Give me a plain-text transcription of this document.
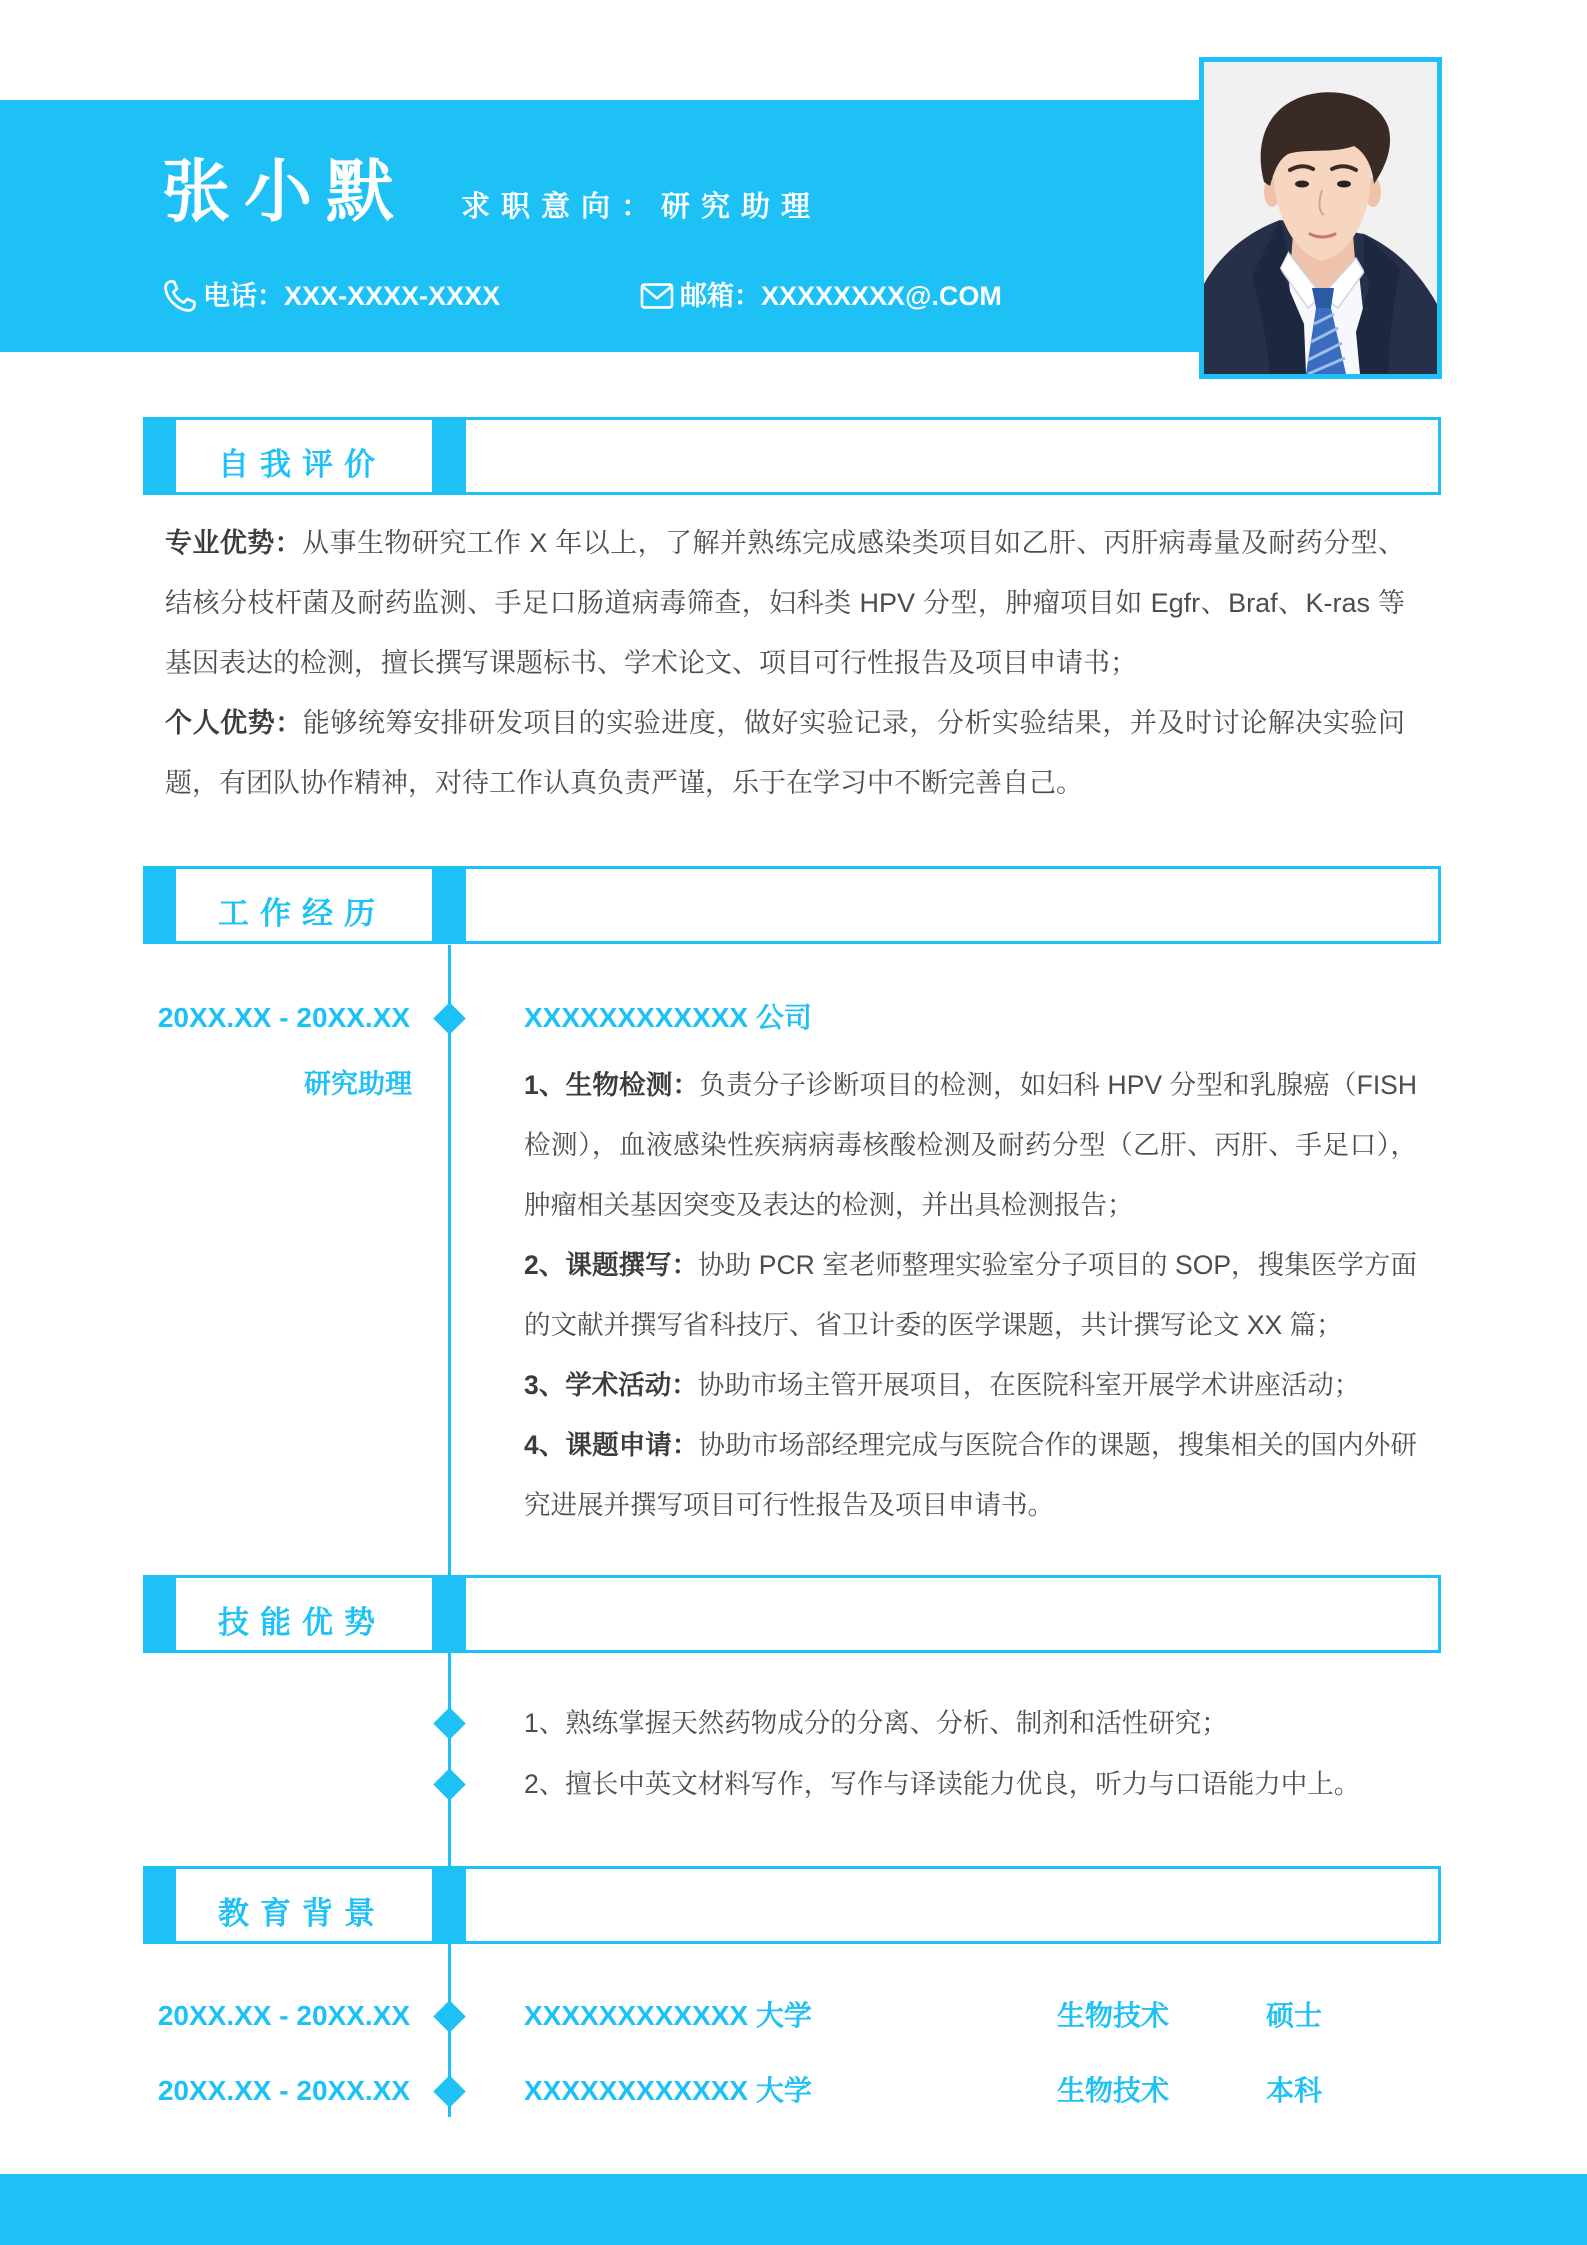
张小默 求职意向：研究助理
电话： XXX-XXXX-XXXX	邮箱： XXXXXXXX@.COM
自我评价

专业优势：从事生物研究工作 X 年以上，了解并熟练完成感染类项目如乙肝、丙肝病毒量及耐药分型、结核分枝杆菌及耐药监测、手足口肠道病毒筛查，妇科类 HPV 分型，肿瘤项目如 Egfr、Braf、K-ras 等基因表达的检测，擅长撰写课题标书、学术论文、项目可行性报告及项目申请书；

个人优势：能够统筹安排研发项目的实验进度，做好实验记录，分析实验结果，并及时讨论解决实验问题，有团队协作精神，对待工作认真负责严谨，乐于在学习中不断完善自己。

工作经历
20XX.XX - 20XX.XX	XXXXXXXXXXXX 公司
研究助理	1、生物检测：负责分子诊断项目的检测，如妇科 HPV 分型和乳腺癌（FISH 检测），血液感染性疾病病毒核酸检测及耐药分型（乙肝、丙肝、手足口），肿瘤相关基因突变及表达的检测，并出具检测报告；

2、课题撰写：协助 PCR 室老师整理实验室分子项目的 SOP，搜集医学方面的文献并撰写省科技厅、省卫计委的医学课题，共计撰写论文 XX 篇；

3、学术活动：协助市场主管开展项目，在医院科室开展学术讲座活动；

4、课题申请：协助市场部经理完成与医院合作的课题，搜集相关的国内外研究进展并撰写项目可行性报告及项目申请书。

技能优势
1、熟练掌握天然药物成分的分离、分析、制剂和活性研究；
2、擅长中英文材料写作，写作与译读能力优良，听力与口语能力中上。
教育背景
20XX.XX - 20XX.XX	XXXXXXXXXXXX 大学	生物技术	硕士
20XX.XX - 20XX.XX	XXXXXXXXXXXX 大学	生物技术	本科
